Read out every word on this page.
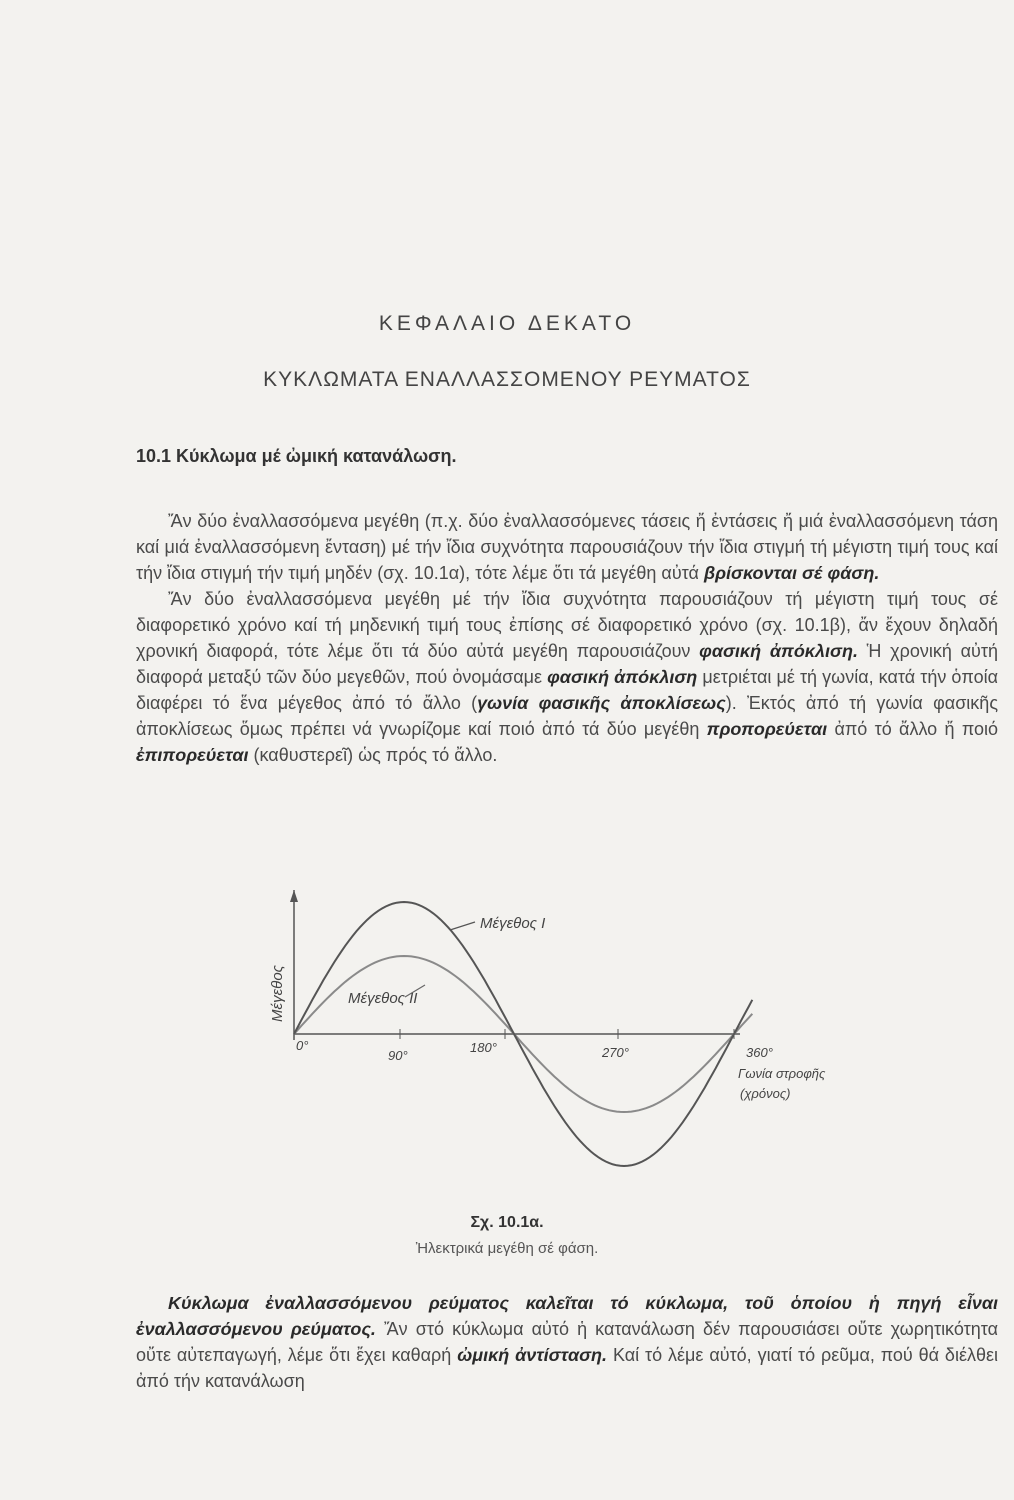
ΚΕΦΑΛΑΙΟ ΔΕΚΑΤΟ
ΚΥΚΛΩΜΑΤΑ ΕΝΑΛΛΑΣΣΟΜΕΝΟΥ ΡΕΥΜΑΤΟΣ
10.1 Κύκλωμα μέ ὠμική κατανάλωση.

Ἄν δύο ἐναλλασσόμενα μεγέθη (π.χ. δύο ἐναλλασσόμενες τάσεις ἤ ἐντάσεις ἤ μιά ἐναλλασσόμενη τάση καί μιά ἐναλλασσόμενη ἔνταση) μέ τήν ἴδια συχνότητα παρουσιάζουν τήν ἴδια στιγμή τή μέγιστη τιμή τους καί τήν ἴδια στιγμή τήν τιμή μηδέν (σχ. 10.1α), τότε λέμε ὅτι τά μεγέθη αὐτά βρίσκονται σέ φάση.

Ἄν δύο ἐναλλασσόμενα μεγέθη μέ τήν ἴδια συχνότητα παρουσιάζουν τή μέγιστη τιμή τους σέ διαφορετικό χρόνο καί τή μηδενική τιμή τους ἐπίσης σέ διαφορετικό χρόνο (σχ. 10.1β), ἄν ἔχουν δηλαδή χρονική διαφορά, τότε λέμε ὅτι τά δύο αὐτά μεγέθη παρουσιάζουν φασική ἀπόκλιση. Ἡ χρονική αὐτή διαφορά μεταξύ τῶν δύο μεγεθῶν, πού ὀνομάσαμε φασική ἀπόκλιση μετριέται μέ τή γωνία, κατά τήν ὁποία διαφέρει τό ἕνα μέγεθος ἀπό τό ἄλλο (γωνία φασικῆς ἀποκλίσεως). Ἐκτός ἀπό τή γωνία φασικῆς ἀποκλίσεως ὅμως πρέπει νά γνωρίζομε καί ποιό ἀπό τά δύο μεγέθη προπορεύεται ἀπό τό ἄλλο ἤ ποιό ἐπιπορεύεται (καθυστερεῖ) ὡς πρός τό ἄλλο.

Μέγεθος Ι
Μέγεθος ΙΙ
Μέγεθος
0°
90°
180°	270°	360°
Γωνία στροφῆς
(χρόνος)
Σχ. 10.1α.
Ἠλεκτρικά μεγέθη σέ φάση.

Κύκλωμα ἐναλλασσόμενου ρεύματος καλεῖται τό κύκλωμα, τοῦ ὁποίου ἡ πηγή εἶναι ἐναλλασσόμενου ρεύματος. Ἄν στό κύκλωμα αὐτό ἡ κατανάλωση δέν παρουσιάσει οὔτε χωρητικότητα οὔτε αὐτεπαγωγή, λέμε ὅτι ἔχει καθαρή ὠμική ἀντίσταση. Καί τό λέμε αὐτό, γιατί τό ρεῦμα, πού θά διέλθει ἀπό τήν κατανάλωση
